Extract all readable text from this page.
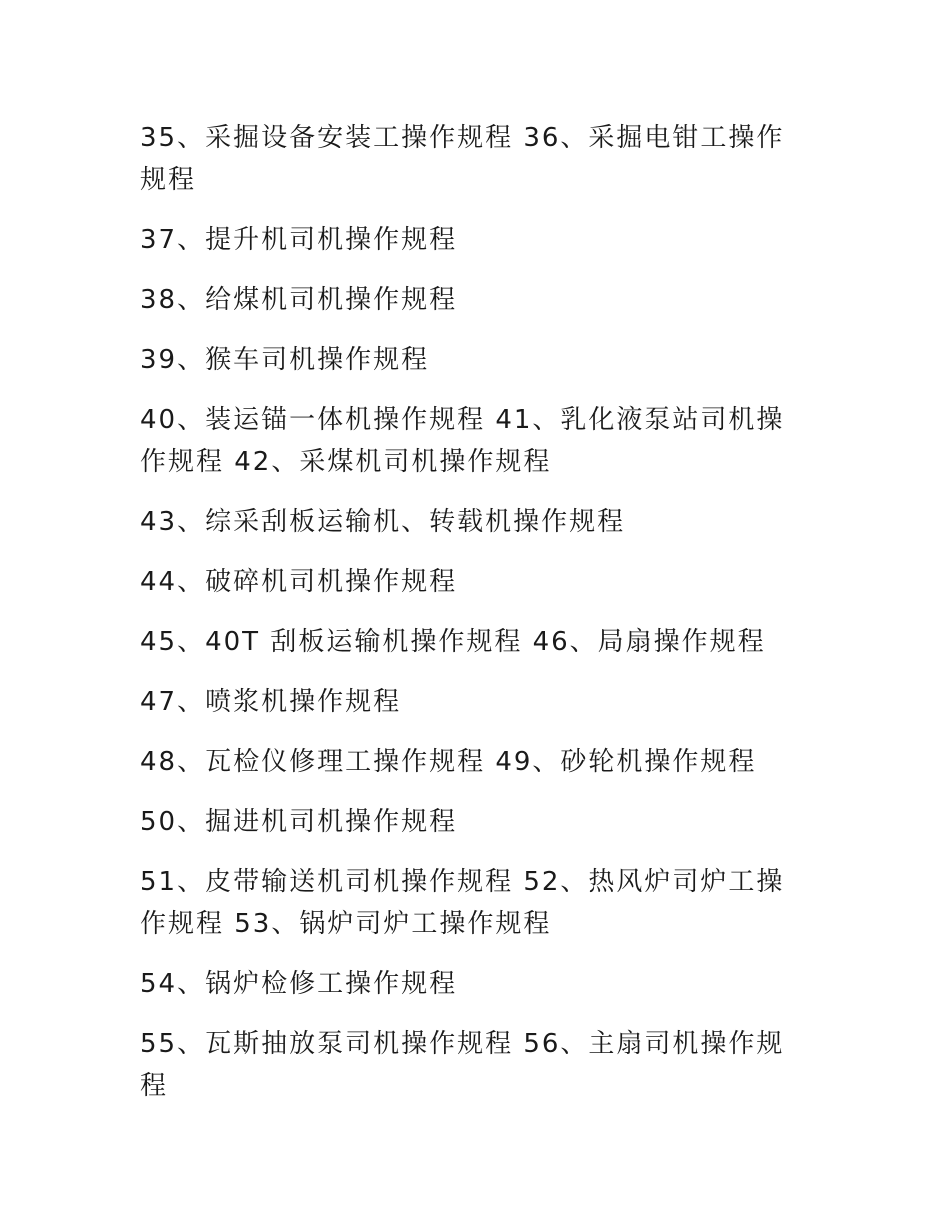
35、采掘设备安装工操作规程 36、采掘电钳工操作规程

37、提升机司机操作规程

38、给煤机司机操作规程

39、猴车司机操作规程

40、装运锚一体机操作规程 41、乳化液泵站司机操作规程 42、采煤机司机操作规程

43、综采刮板运输机、转载机操作规程

44、破碎机司机操作规程

45、40T 刮板运输机操作规程 46、局扇操作规程

47、喷浆机操作规程

48、瓦检仪修理工操作规程 49、砂轮机操作规程

50、掘进机司机操作规程

51、皮带输送机司机操作规程 52、热风炉司炉工操作规程 53、锅炉司炉工操作规程

54、锅炉检修工操作规程

55、瓦斯抽放泵司机操作规程 56、主扇司机操作规程
